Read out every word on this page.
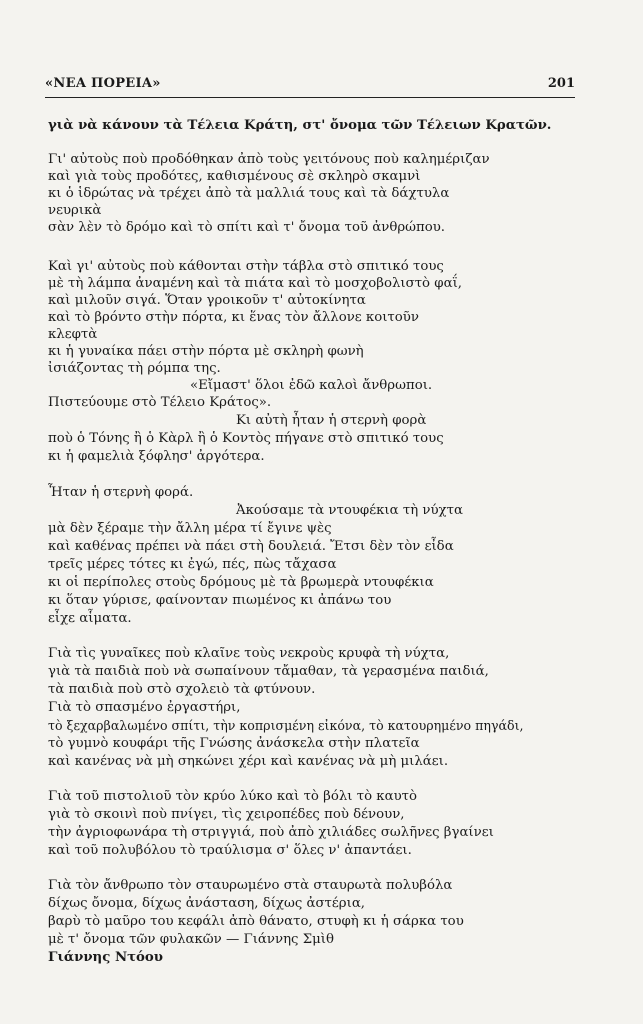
«ΝΕΑ ΠΟΡΕΙΑ»	201
γιὰ νὰ κάνουν τὰ Τέλεια Κράτη, στ' ὄνομα τῶν Τέλειων Κρατῶν.
Γι' αὐτοὺς ποὺ προδόθηκαν ἀπὸ τοὺς γειτόνους ποὺ καλημέριζαν
καὶ γιὰ τοὺς προδότες, καθισμένους σὲ σκληρὸ σκαμνὶ
κι ὁ ἱδρώτας νὰ τρέχει ἀπὸ τὰ μαλλιά τους καὶ τὰ δάχτυλα
νευρικὰ
σὰν λὲν τὸ δρόμο καὶ τὸ σπίτι καὶ τ' ὄνομα τοῦ ἀνθρώπου.
Καὶ γι' αὐτοὺς ποὺ κάθονται στὴν τάβλα στὸ σπιτικό τους
μὲ τὴ λάμπα ἀναμένη καὶ τὰ πιάτα καὶ τὸ μοσχοβολιστὸ φαΐ,
καὶ μιλοῦν σιγά. Ὅταν γροικοῦν τ' αὐτοκίνητα
καὶ τὸ βρόντο στὴν πόρτα, κι ἕνας τὸν ἄλλονε κοιτοῦν
κλεφτὰ
κι ἡ γυναίκα πάει στὴν πόρτα μὲ σκληρὴ φωνὴ
ἰσιάζοντας τὴ ρόμπα της.
«Εἴμαστ' ὅλοι ἐδῶ καλοὶ ἄνθρωποι.
Πιστεύουμε στὸ Τέλειο Κράτος».
Κι αὐτὴ ἦταν ἡ στερνὴ φορὰ
ποὺ ὁ Τόνης ἢ ὁ Κὰρλ ἢ ὁ Κοντὸς πήγανε στὸ σπιτικό τους
κι ἡ φαμελιὰ ξόφλησ' ἀργότερα.
Ἦταν ἡ στερνὴ φορά.
Ἀκούσαμε τὰ ντουφέκια τὴ νύχτα
μὰ δὲν ξέραμε τὴν ἄλλη μέρα τί ἔγινε ψὲς
καὶ καθένας πρέπει νὰ πάει στὴ δουλειά. Ἔτσι δὲν τὸν εἶδα
τρεῖς μέρες τότες κι ἐγώ, πές, πὼς τἄχασα
κι οἱ περίπολες στοὺς δρόμους μὲ τὰ βρωμερὰ ντουφέκια
κι ὅταν γύρισε, φαίνονταν πιωμένος κι ἀπάνω του
εἶχε αἷματα.
Γιὰ τὶς γυναῖκες ποὺ κλαῖνε τοὺς νεκροὺς κρυφὰ τὴ νύχτα,
γιὰ τὰ παιδιὰ ποὺ νὰ σωπαίνουν τἄμαθαν, τὰ γερασμένα παιδιά,
τὰ παιδιὰ ποὺ στὸ σχολειὸ τὰ φτύνουν.
Γιὰ τὸ σπασμένο ἐργαστήρι,
τὸ ξεχαρβαλωμένο σπίτι, τὴν κοπρισμένη εἰκόνα, τὸ κατουρημένο πηγάδι,
τὸ γυμνὸ κουφάρι τῆς Γνώσης ἀνάσκελα στὴν πλατεῖα
καὶ κανένας νὰ μὴ σηκώνει χέρι καὶ κανένας νὰ μὴ μιλάει.
Γιὰ τοῦ πιστολιοῦ τὸν κρύο λύκο καὶ τὸ βόλι τὸ καυτὸ
γιὰ τὸ σκοινὶ ποὺ πνίγει, τὶς χειροπέδες ποὺ δένουν,
τὴν ἀγριοφωνάρα τὴ στριγγιά, ποὺ ἀπὸ χιλιάδες σωλῆνες βγαίνει
καὶ τοῦ πολυβόλου τὸ τραύλισμα σ' ὅλες ν' ἀπαντάει.
Γιὰ τὸν ἄνθρωπο τὸν σταυρωμένο στὰ σταυρωτὰ πολυβόλα
δίχως ὄνομα, δίχως ἀνάσταση, δίχως ἀστέρια,
βαρὺ τὸ μαῦρο του κεφάλι ἀπὸ θάνατο, στυφὴ κι ἡ σάρκα του
μὲ τ' ὄνομα τῶν φυλακῶν — Γιάννης Σμὶθ
Γιάννης Ντόου
